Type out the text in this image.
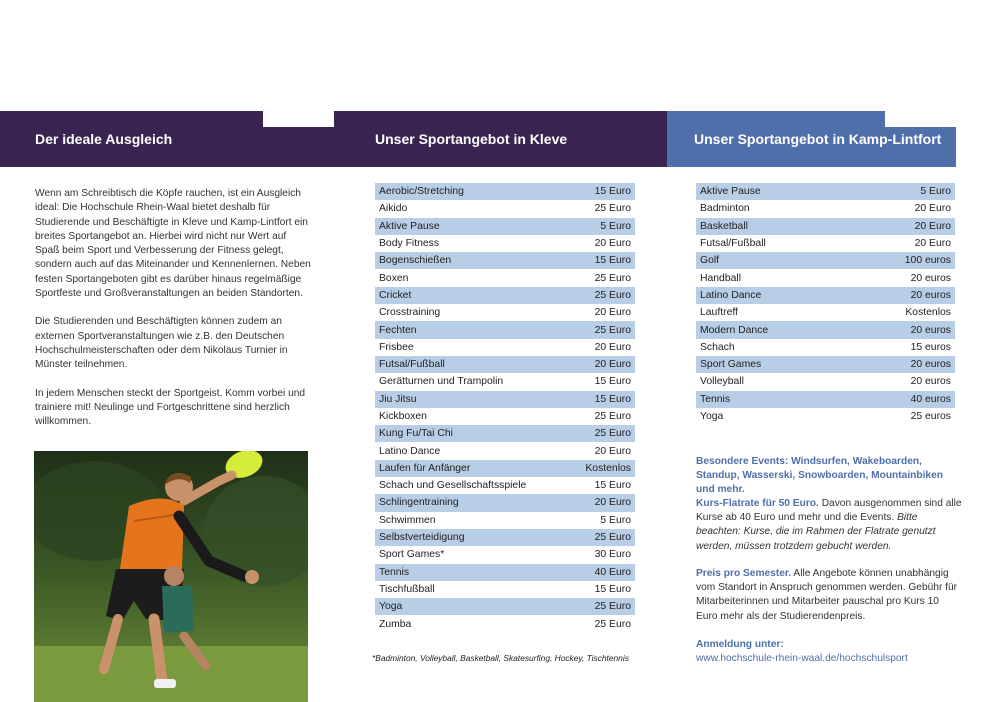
Der ideale Ausgleich	Unser Sportangebot in Kleve	Unser Sportangebot in Kamp-Lintfort

Wenn am Schreibtisch die Köpfe rauchen, ist ein Ausgleich ideal: Die Hochschule Rhein-Waal bietet deshalb für Studierende und Beschäftigte in Kleve und Kamp-Lintfort ein breites Sportangebot an. Hierbei wird nicht nur Wert auf Spaß beim Sport und Verbesserung der Fitness gelegt, sondern auch auf das Miteinander und Kennenlernen. Neben festen Sportangeboten gibt es darüber hinaus regelmäßige Sportfeste und Großveranstaltungen an beiden Standorten.

Die Studierenden und Beschäftigten können zudem an externen Sportveranstaltungen wie z.B. den Deutschen Hochschulmeisterschaften oder dem Nikolaus Turnier in Münster teilnehmen.

In jedem Menschen steckt der Sportgeist. Komm vorbei und trainiere mit! Neulinge und Fortgeschrittene sind herzlich willkommen.

Aerobic/Stretching	15 Euro
Aikido	25 Euro
Aktive Pause	5 Euro
Body Fitness	20 Euro
Bogenschießen	15 Euro
Boxen	25 Euro
Cricket	25 Euro
Crosstraining	20 Euro
Fechten	25 Euro
Frisbee	20 Euro
Futsal/Fußball	20 Euro
Gerätturnen und Trampolin	15 Euro
Jiu Jitsu	15 Euro
Kickboxen	25 Euro
Kung Fu/Tai Chi	25 Euro
Latino Dance	20 Euro
Laufen für Anfänger	Kostenlos
Schach und Gesellschaftsspiele	15 Euro
Schlingentraining	20 Euro
Schwimmen	5 Euro
Selbstverteidigung	25 Euro
Sport Games*	30 Euro
Tennis	40 Euro
Tischfußball	15 Euro
Yoga	25 Euro
Zumba	25 Euro
*Badminton, Volleyball, Basketball, Skatesurfing, Hockey, Tischtennis
Aktive Pause	5 Euro
Badminton	20 Euro
Basketball	20 Euro
Futsal/Fußball	20 Euro
Golf	100 euros
Handball	20 euros
Latino Dance	20 euros
Lauftreff	Kostenlos
Modern Dance	20 euros
Schach	15 euros
Sport Games	20 euros
Volleyball	20 euros
Tennis	40 euros
Yoga	25 euros
Besondere Events: Windsurfen, Wakeboarden, Standup, Wasserski, Snowboarden, Mountainbiken und mehr.
Kurs-Flatrate für 50 Euro. Davon ausgenommen sind alle Kurse ab 40 Euro und mehr und die Events. Bitte beachten: Kurse, die im Rahmen der Flatrate genutzt werden, müssen trotzdem gebucht werden.
Preis pro Semester. Alle Angebote können unabhängig vom Standort in Anspruch genommen werden. Gebühr für Mitarbeiterinnen und Mitarbeiter pauschal pro Kurs 10 Euro mehr als der Studierendenpreis.
Anmeldung unter:
www.hochschule-rhein-waal.de/hochschulsport
